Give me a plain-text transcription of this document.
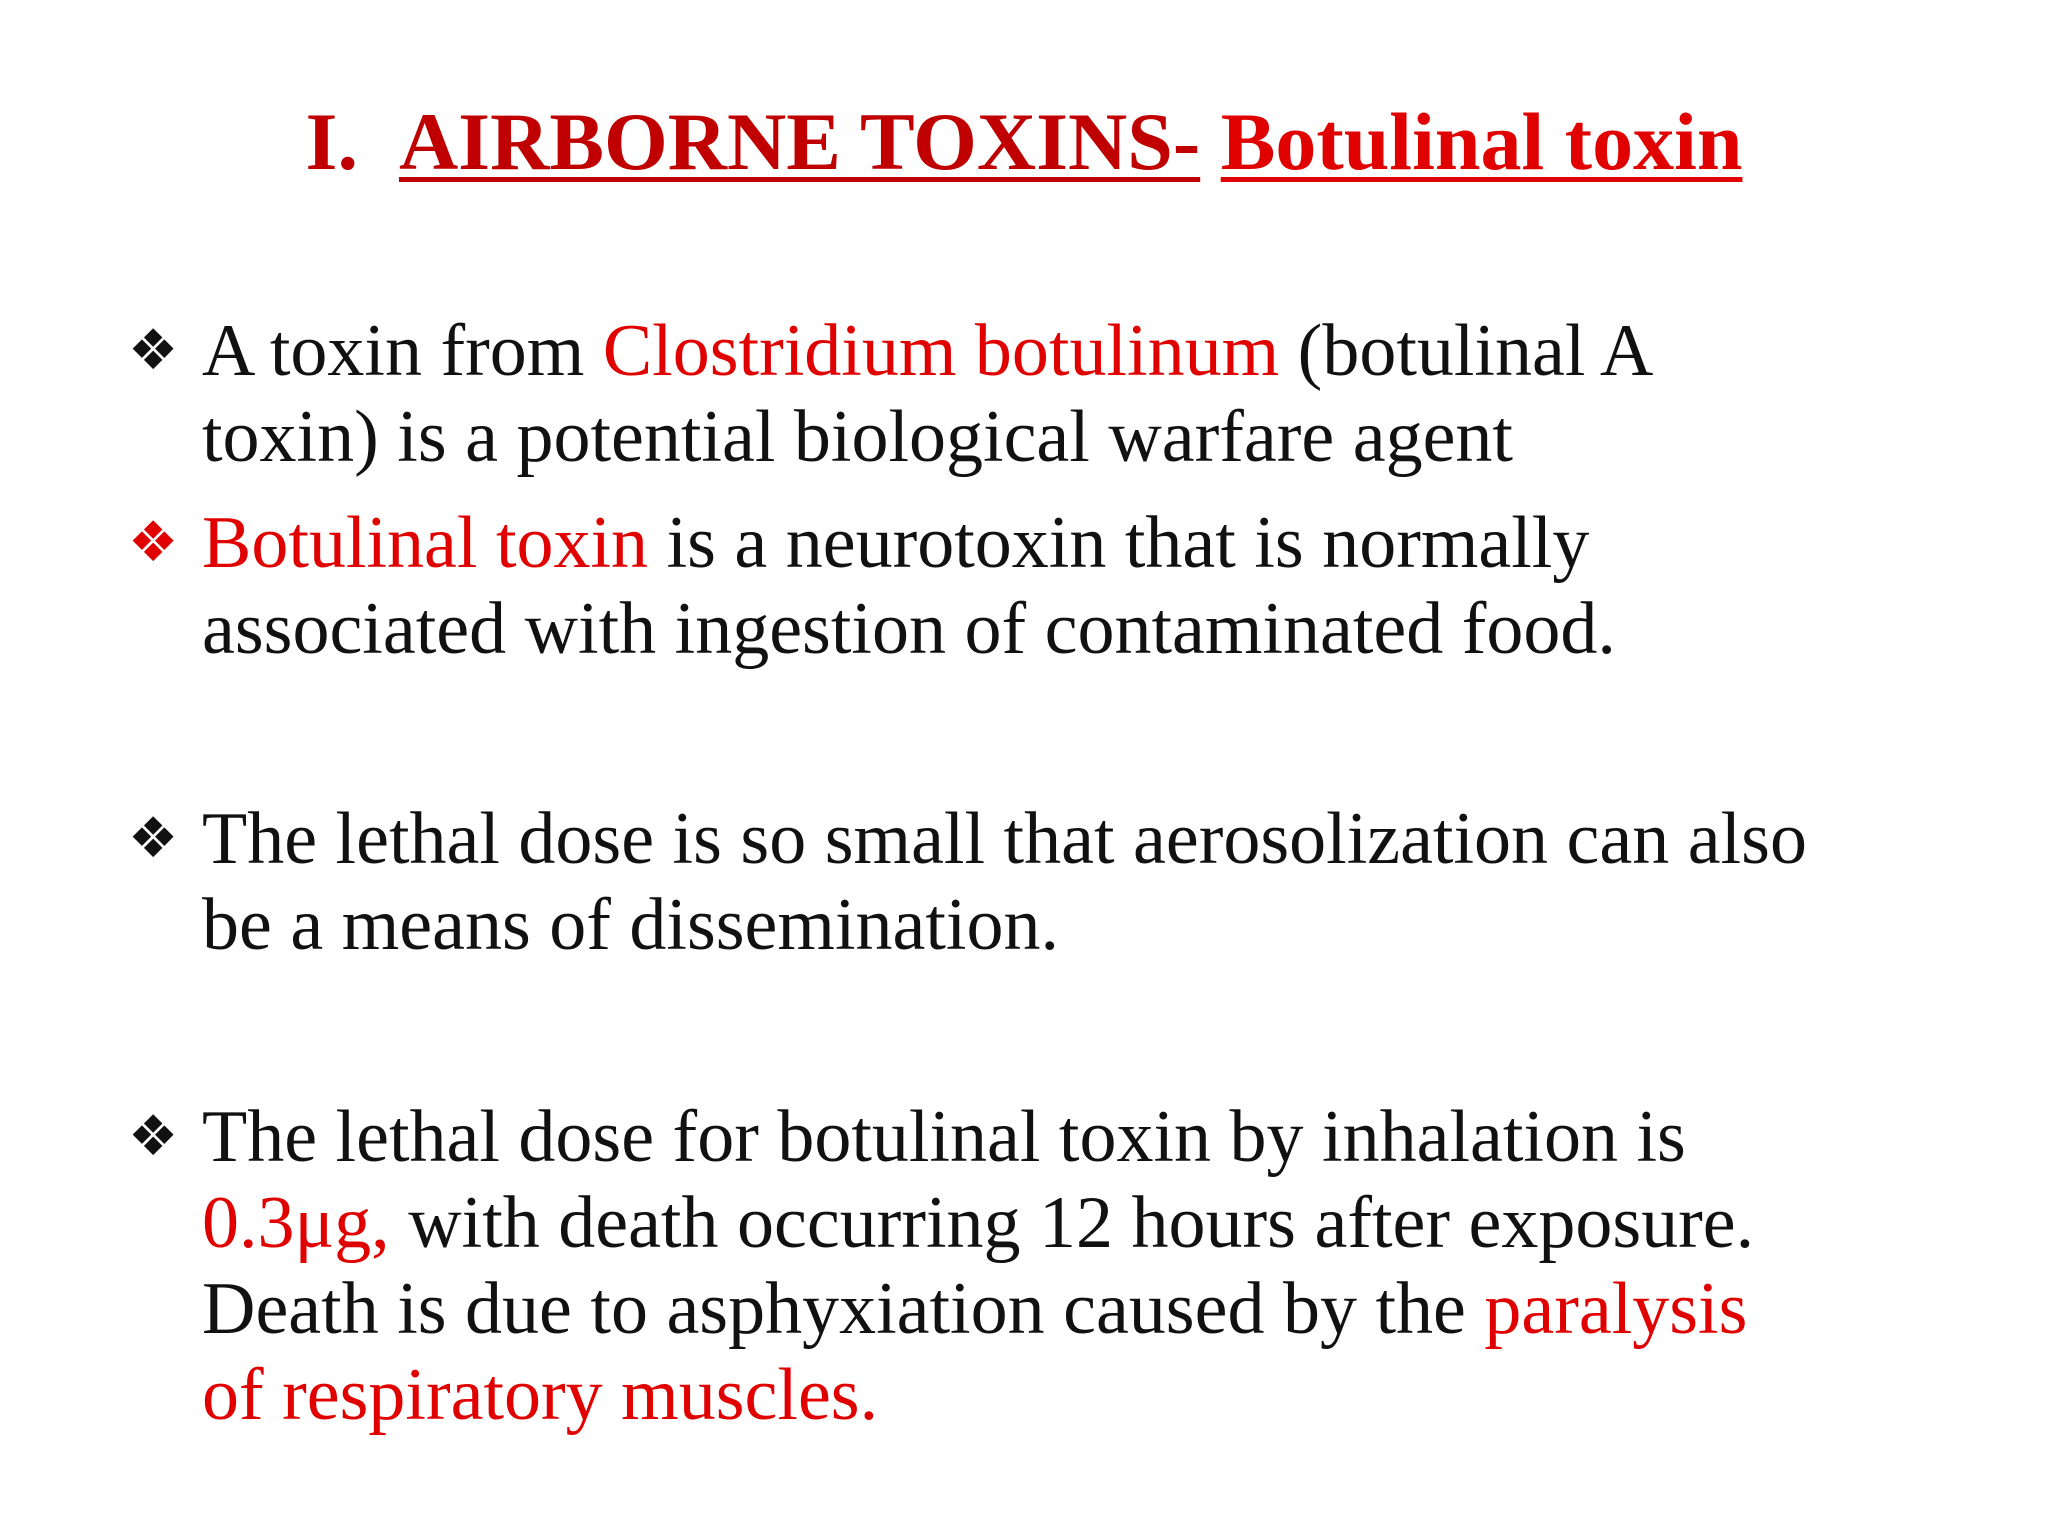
I. AIRBORNE TOXINS- Botulinal toxin
❖ A toxin from Clostridium botulinum (botulinal A
toxin) is a potential biological warfare agent
❖ Botulinal toxin is a neurotoxin that is normally
associated with ingestion of contaminated food.
❖ The lethal dose is so small that aerosolization can also
be a means of dissemination.
❖ The lethal dose for botulinal toxin by inhalation is
0.3μg, with death occurring 12 hours after exposure.
Death is due to asphyxiation caused by the paralysis
of respiratory muscles.
